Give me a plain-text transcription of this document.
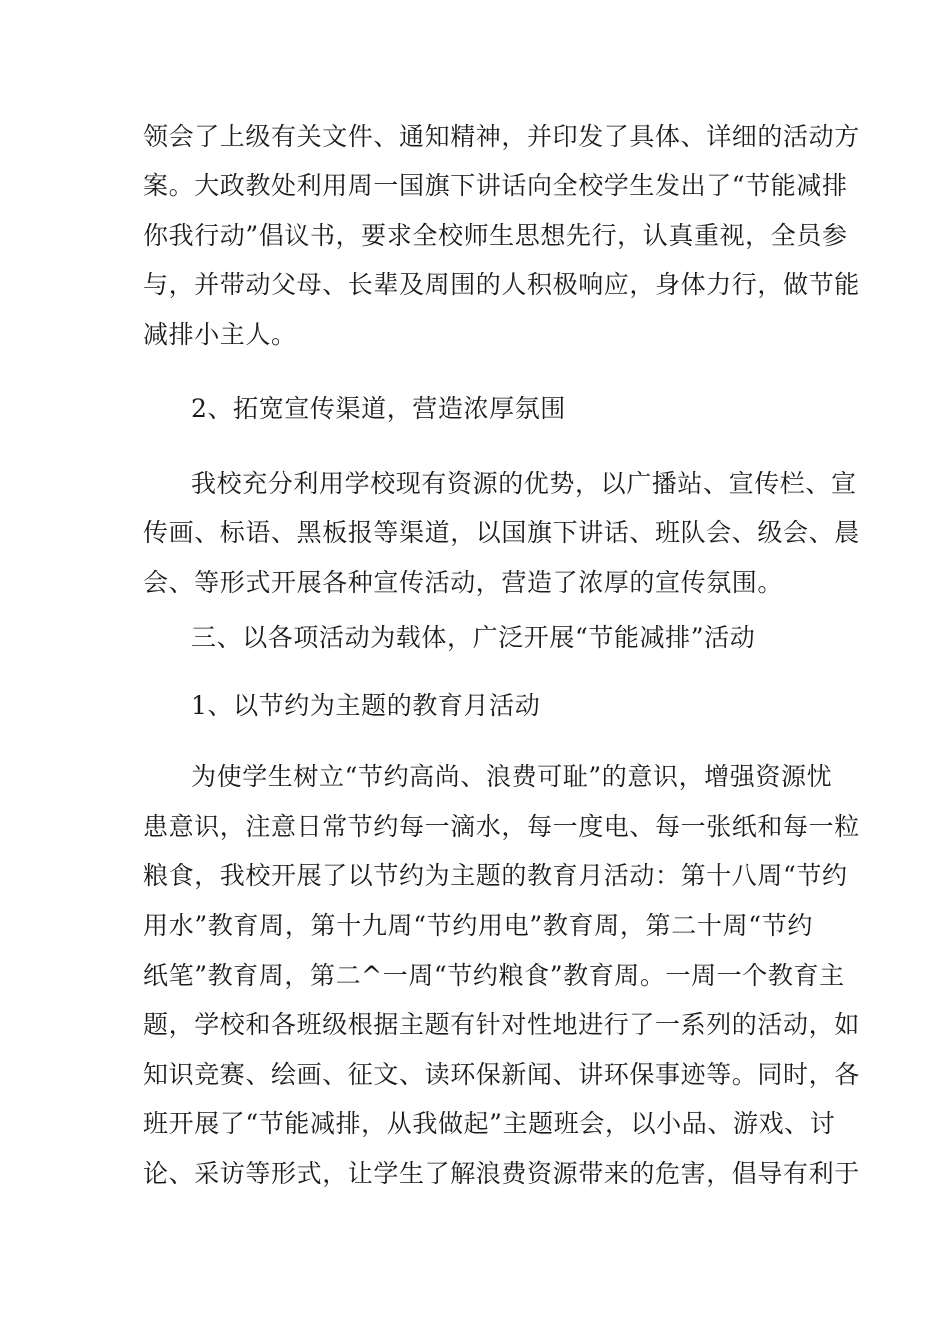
领会了上级有关文件、通知精神，并印发了具体、详细的活动方
案。大政教处利用周一国旗下讲话向全校学生发出了“节能减排
你我行动”倡议书，要求全校师生思想先行，认真重视，全员参
与，并带动父母、长辈及周围的人积极响应，身体力行，做节能
减排小主人。
2、拓宽宣传渠道，营造浓厚氛围
我校充分利用学校现有资源的优势，以广播站、宣传栏、宣
传画、标语、黑板报等渠道，以国旗下讲话、班队会、级会、晨
会、等形式开展各种宣传活动，营造了浓厚的宣传氛围。
三、以各项活动为载体，广泛开展“节能减排”活动
1、以节约为主题的教育月活动
为使学生树立“节约高尚、浪费可耻”的意识，增强资源忧
患意识，注意日常节约每一滴水，每一度电、每一张纸和每一粒
粮食，我校开展了以节约为主题的教育月活动：第十八周“节约
用水”教育周，第十九周“节约用电”教育周，第二十周“节约
纸笔”教育周，第二^一周“节约粮食”教育周。一周一个教育主
题，学校和各班级根据主题有针对性地进行了一系列的活动，如
知识竞赛、绘画、征文、读环保新闻、讲环保事迹等。同时，各
班开展了“节能减排，从我做起”主题班会，以小品、游戏、讨
论、采访等形式，让学生了解浪费资源带来的危害，倡导有利于
